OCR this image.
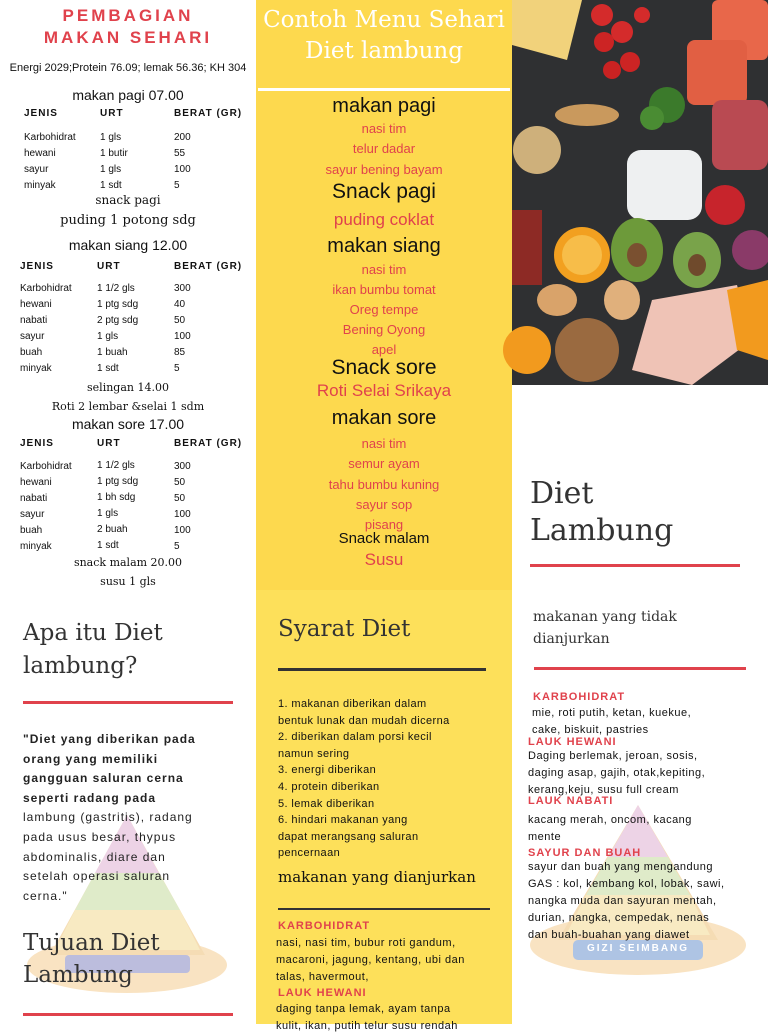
PEMBAGIAN
MAKAN SEHARI
Energi 2029;Protein 76.09; lemak 56.36; KH 304
makan pagi 07.00
JENIS	URT	BERAT (GR)
Karbohidrat 1 gls	200
hewani	1 butir	55
sayur	1 gls	100
minyak	1 sdt	5
snack pagi
puding 1 potong sdg
makan siang 12.00
JENIS	URT	BERAT (GR)
Karbohidrat	1 1/2 gls	300
hewani	1 ptg sdg	40
nabati	2 ptg sdg	50
sayur	1 gls	100
buah	1 buah	85
minyak	1 sdt	5
selingan 14.00
Roti 2 lembar &selai 1 sdm
makan sore 17.00
JENIS	URT	BERAT (GR)
Karbohidrat	1 1/2 gls	300
hewani	1 ptg sdg	50
nabati	1 bh sdg	50
sayur	1 gls	100
buah	2 buah	100
minyak	1 sdt	5
snack malam 20.00
susu 1 gls
Apa itu Diet
lambung?
"Diet yang diberikan pada
orang yang memiliki
gangguan saluran cerna
seperti radang pada
lambung (gastritis), radang
pada usus besar, thypus
abdominalis, diare dan
setelah operasi saluran
cerna."
Tujuan Diet
Lambung
Contoh Menu Sehari
Diet lambung
makan pagi
nasi tim
telur dadar
sayur bening bayam
Snack pagi
puding coklat
makan siang
nasi tim
ikan bumbu tomat
Oreg tempe
Bening Oyong
apel
Snack sore
Roti Selai Srikaya
makan sore
nasi tim
semur ayam
tahu bumbu kuning
sayur sop
pisang
Snack malam
Susu
Syarat Diet
1. makanan diberikan dalam
bentuk lunak dan mudah dicerna
2. diberikan dalam porsi kecil
namun sering
3. energi diberikan
4. protein diberikan
5. lemak diberikan
6. hindari makanan yang
dapat merangsang saluran
pencernaan
makanan yang dianjurkan
KARBOHIDRAT
nasi, nasi tim, bubur roti gandum,
macaroni, jagung, kentang, ubi dan
talas, havermout,
LAUK HEWANI
daging tanpa lemak, ayam tanpa
kulit, ikan, putih telur susu rendah
Diet
Lambung
makanan yang tidak
dianjurkan
GIZI SEIMBANG
KARBOHIDRAT
mie, roti putih, ketan, kuekue,
cake, biskuit, pastries
LAUK HEWANI
Daging berlemak, jeroan, sosis,
daging asap, gajih, otak,kepiting,
kerang,keju, susu full cream
LAUK NABATI
kacang merah, oncom, kacang
mente
SAYUR DAN BUAH
sayur dan buah yang mengandung
GAS : kol, kembang kol, lobak, sawi,
nangka muda dan sayuran mentah,
durian, nangka, cempedak, nenas
dan buah-buahan yang diawet
